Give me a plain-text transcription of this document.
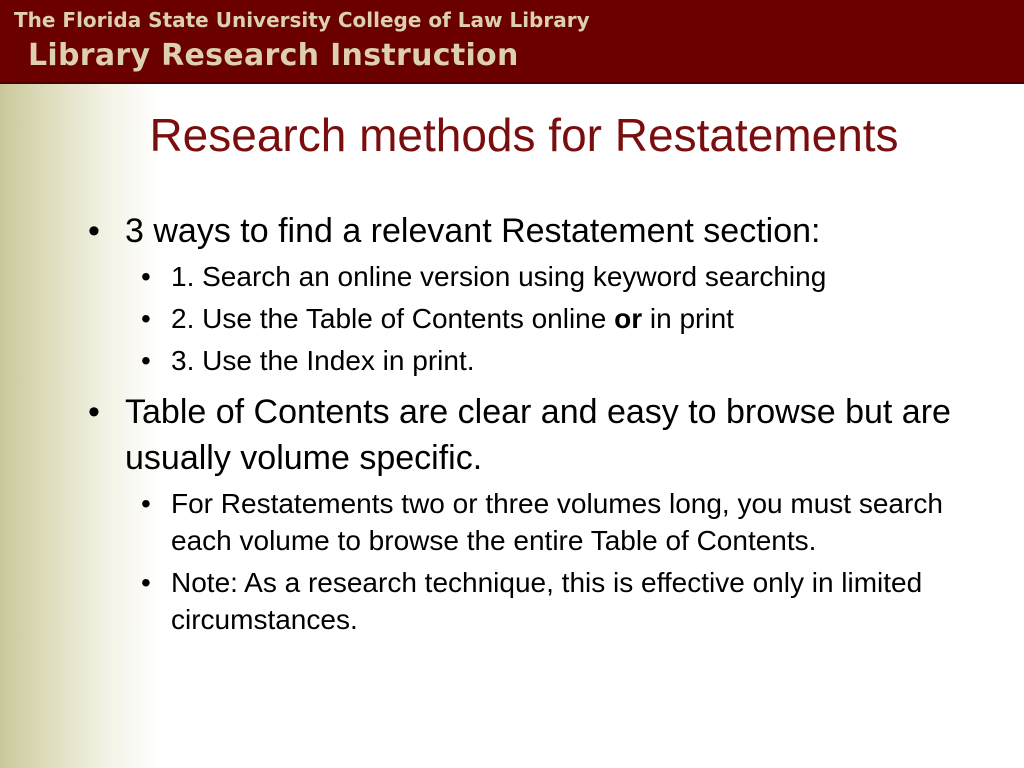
The Florida State University College of Law Library
Library Research Instruction
Research methods for Restatements
• 3 ways to find a relevant Restatement section:
• 1. Search an online version using keyword searching
• 2. Use the Table of Contents online or in print
• 3. Use the Index in print.
• Table of Contents are clear and easy to browse but are usually volume specific.
• For Restatements two or three volumes long, you must search each volume to browse the entire Table of Contents.
• Note: As a research technique, this is effective only in limited circumstances.
